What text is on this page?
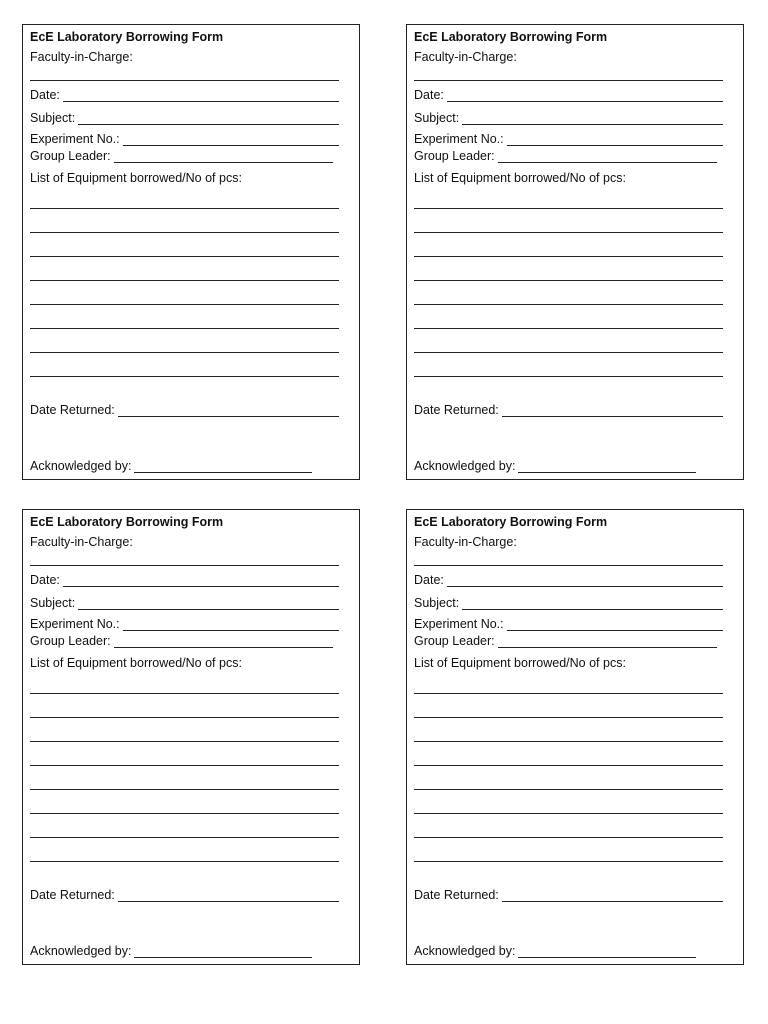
EcE Laboratory Borrowing Form
Faculty-in-Charge:
Date:
Subject:
Experiment No.:
Group Leader:
List of Equipment borrowed/No of pcs:
Date Returned:
Acknowledged by:
EcE Laboratory Borrowing Form
Faculty-in-Charge:
Date:
Subject:
Experiment No.:
Group Leader:
List of Equipment borrowed/No of pcs:
Date Returned:
Acknowledged by:
EcE Laboratory Borrowing Form
Faculty-in-Charge:
Date:
Subject:
Experiment No.:
Group Leader:
List of Equipment borrowed/No of pcs:
Date Returned:
Acknowledged by:
EcE Laboratory Borrowing Form
Faculty-in-Charge:
Date:
Subject:
Experiment No.:
Group Leader:
List of Equipment borrowed/No of pcs:
Date Returned:
Acknowledged by:
